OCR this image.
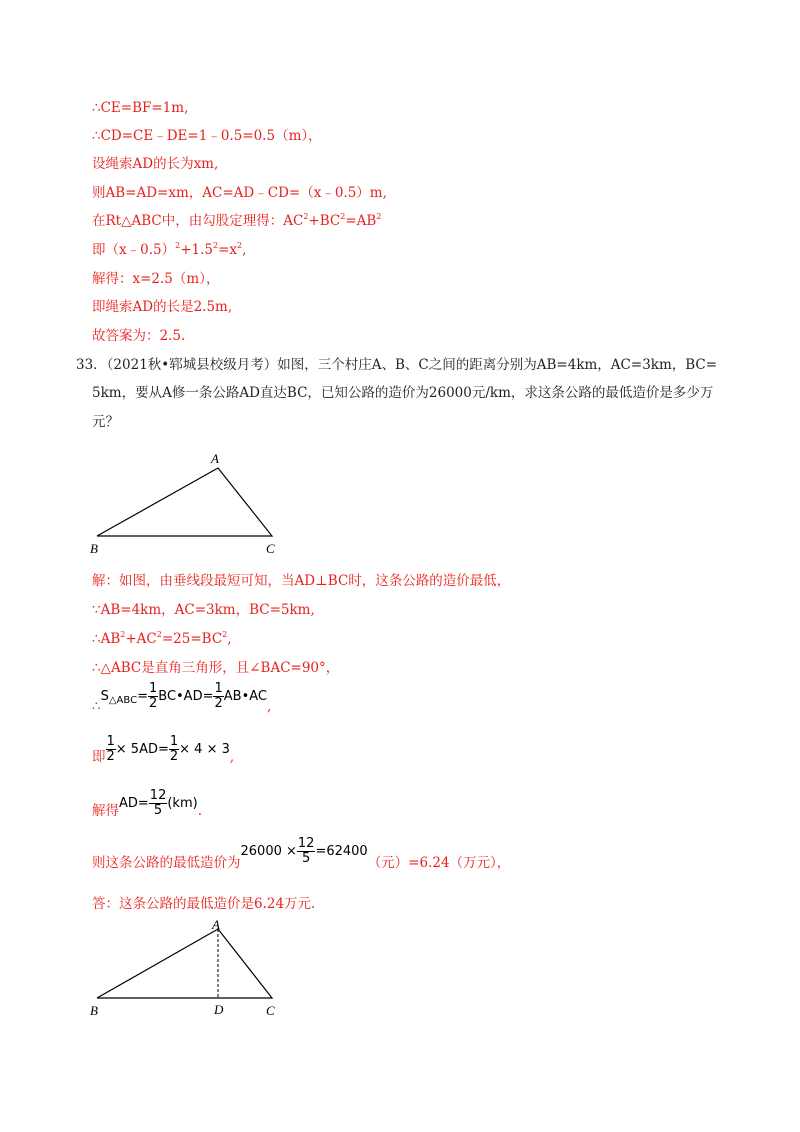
∴CE=BF=1m,
∴CD=CE﹣DE=1﹣0.5=0.5（m），
设绳索AD的长为xm,
则AB=AD=xm，AC=AD﹣CD=（x﹣0.5）m,
在Rt△ABC中，由勾股定理得：$AC^2+BC^2=AB^2$
即$(x﹣0.5)^2+1.5^2=x^2$,
解得：x=2.5（m），
即绳索AD的长是2.5m,
故答案为：2.5.
33．（2021秋•郓城县校级月考）如图，三个村庄A、B、C之间的距离分别为AB=4km，AC=3km，BC=
5km，要从A修一条公路AD直达BC，已知公路的造价为26000元/km，求这条公路的最低造价是多少万
元？
A
B	C
解：如图，由垂线段最短可知，当AD⊥BC时，这条公路的造价最低，
∵AB=4km，AC=3km，BC=5km,
$\therefore AB^2+AC^2=25=BC^2$,
∴△ABC是直角三角形，且∠BAC=90°，
$\therefore S_{\triangle ABC}= \frac{1}{2}$ BC•AD= $\frac{1}{2}$ AB•AC,
即 $\frac{1}{2} \times 5AD= \frac{1}{2} \times 4 \times 3$,
解得$AD= \frac{12}{5} (km)$.
则这条公路的最低造价为$26000 \times \frac{12}{5} =62400$（元）=6.24（万元），
答：这条公路的最低造价是6.24万元.
A
B	D	C
